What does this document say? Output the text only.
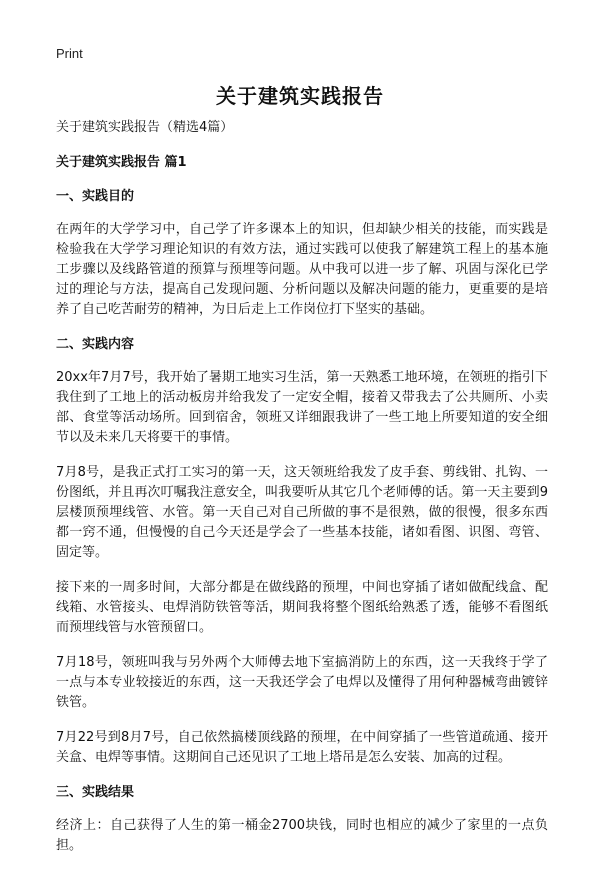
Print
关于建筑实践报告
关于建筑实践报告（精选4篇）
关于建筑实践报告 篇1
一、实践目的
在两年的大学学习中，自己学了许多课本上的知识，但却缺少相关的技能，而实践是检验我在大学学习理论知识的有效方法，通过实践可以使我了解建筑工程上的基本施工步骤以及线路管道的预算与预埋等问题。从中我可以进一步了解、巩固与深化已学过的理论与方法，提高自己发现问题、分析问题以及解决问题的能力，更重要的是培养了自己吃苦耐劳的精神，为日后走上工作岗位打下坚实的基础。
二、实践内容
20xx年7月7号，我开始了暑期工地实习生活，第一天熟悉工地环境，在领班的指引下我住到了工地上的活动板房并给我发了一定安全帽，接着又带我去了公共厕所、小卖部、食堂等活动场所。回到宿舍，领班又详细跟我讲了一些工地上所要知道的安全细节以及未来几天将要干的事情。
7月8号，是我正式打工实习的第一天，这天领班给我发了皮手套、剪线钳、扎钩、一份图纸，并且再次叮嘱我注意安全，叫我要听从其它几个老师傅的话。第一天主要到9层楼顶预埋线管、水管。第一天自己对自己所做的事不是很熟，做的很慢，很多东西都一窍不通，但慢慢的自己今天还是学会了一些基本技能，诸如看图、识图、弯管、固定等。
接下来的一周多时间，大部分都是在做线路的预埋，中间也穿插了诸如做配线盒、配线箱、水管接头、电焊消防铁管等活，期间我将整个图纸给熟悉了透，能够不看图纸而预埋线管与水管预留口。
7月18号，领班叫我与另外两个大师傅去地下室搞消防上的东西，这一天我终于学了一点与本专业较接近的东西，这一天我还学会了电焊以及懂得了用何种器械弯曲镀锌铁管。
7月22号到8月7号，自己依然搞楼顶线路的预埋，在中间穿插了一些管道疏通、接开关盒、电焊等事情。这期间自己还见识了工地上塔吊是怎么安装、加高的过程。
三、实践结果
经济上：自己获得了人生的第一桶金2700块钱，同时也相应的减少了家里的一点负担。
